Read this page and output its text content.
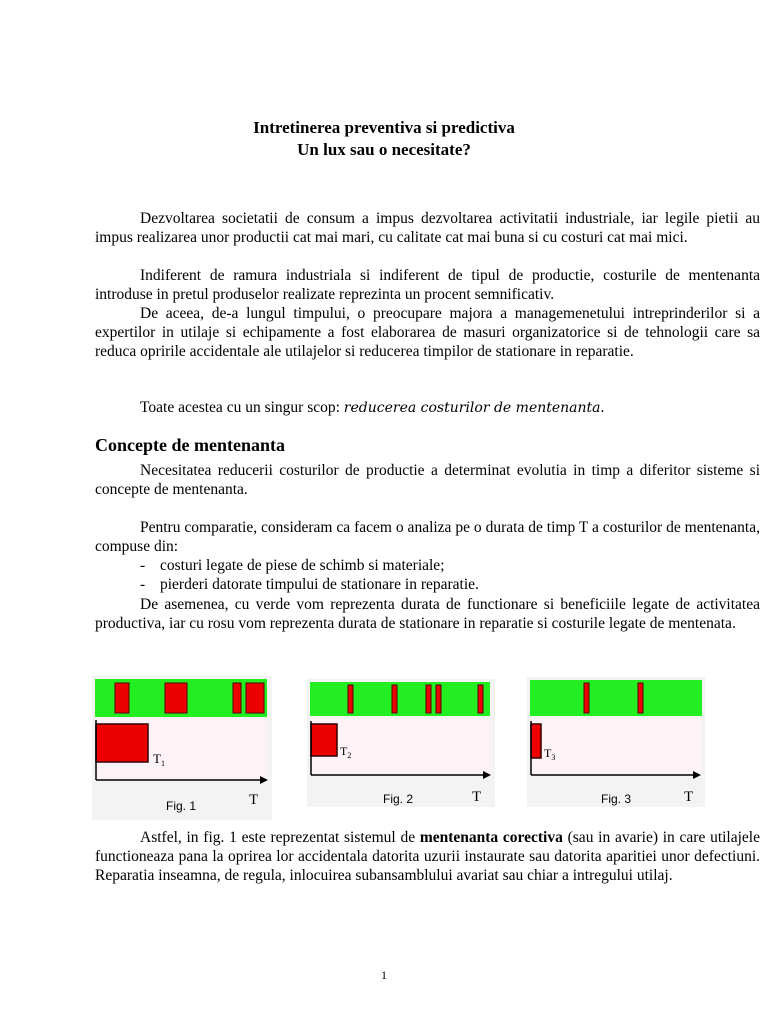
Intretinerea preventiva si predictiva
Un lux sau o necesitate?
Dezvoltarea societatii de consum a impus dezvoltarea activitatii industriale, iar legile pietii au impus realizarea unor productii cat mai mari, cu calitate cat mai buna si cu costuri cat mai mici.
Indiferent de ramura industriala si indiferent de tipul de productie, costurile de mentenanta introduse in pretul produselor realizate reprezinta un procent semnificativ.
De aceea, de-a lungul timpului, o preocupare majora a managemenetului intreprinderilor si a expertilor in utilaje si echipamente a fost elaborarea de masuri organizatorice si de tehnologii care sa reduca opririle accidentale ale utilajelor si reducerea timpilor de stationare in reparatie.
Toate acestea cu un singur scop: reducerea costurilor de mentenanta.
Concepte de mentenanta
Necesitatea reducerii costurilor de productie a determinat evolutia in timp a diferitor sisteme si concepte de mentenanta.
Pentru comparatie, consideram ca facem o analiza pe o durata de timp T a costurilor de mentenanta, compuse din:
- costuri legate de piese de schimb si materiale;
- pierderi datorate timpului de stationare in reparatie.
De asemenea, cu verde vom reprezenta durata de functionare si beneficiile legate de activitatea productiva, iar cu rosu vom reprezenta durata de stationare in reparatie si costurile legate de mentenata.
$T_1$
T
Fig. 1
$T_2$
T
Fig. 2
$T_3$
T
Fig. 3
Astfel, in fig. 1 este reprezentat sistemul de mentenanta corectiva (sau in avarie) in care utilajele functioneaza pana la oprirea lor accidentala datorita uzurii instaurate sau datorita aparitiei unor defectiuni. Reparatia inseamna, de regula, inlocuirea subansamblului avariat sau chiar a intregului utilaj.
1
